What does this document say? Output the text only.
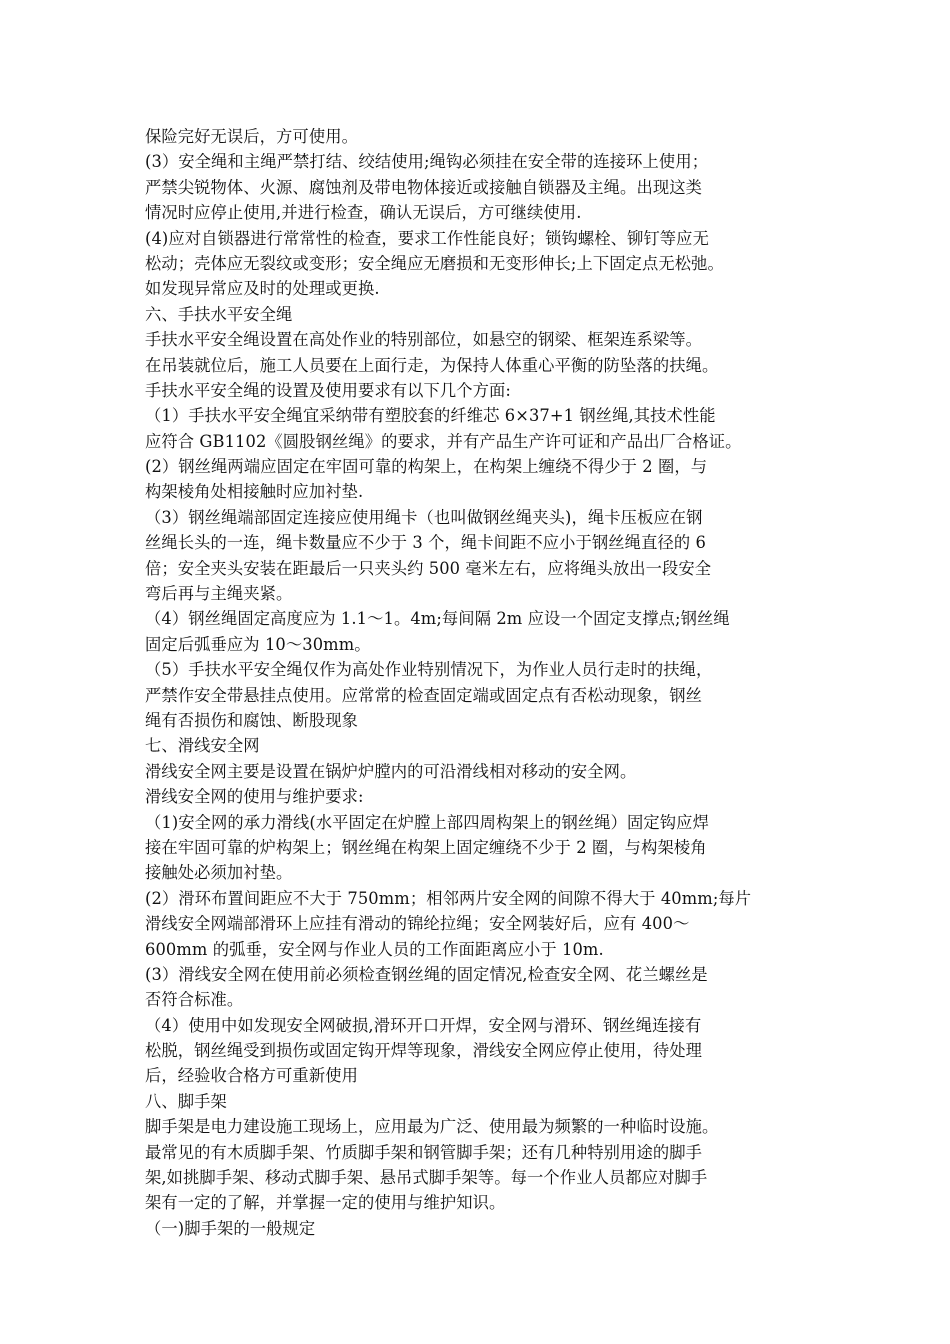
保险完好无误后，方可使用。
(3）安全绳和主绳严禁打结、绞结使用;绳钩必须挂在安全带的连接环上使用；
严禁尖锐物体、火源、腐蚀剂及带电物体接近或接触自锁器及主绳。出现这类
情况时应停止使用,并进行检查，确认无误后，方可继续使用.
(4)应对自锁器进行常常性的检查，要求工作性能良好；锁钩螺栓、铆钉等应无
松动；壳体应无裂纹或变形；安全绳应无磨损和无变形伸长;上下固定点无松弛。
如发现异常应及时的处理或更换.
六、手扶水平安全绳
手扶水平安全绳设置在高处作业的特别部位，如悬空的钢梁、框架连系梁等。
在吊装就位后，施工人员要在上面行走，为保持人体重心平衡的防坠落的扶绳。
手扶水平安全绳的设置及使用要求有以下几个方面:
（1）手扶水平安全绳宜采纳带有塑胶套的纤维芯 6×37+1 钢丝绳,其技术性能
应符合 GB1102《圆股钢丝绳》的要求，并有产品生产许可证和产品出厂合格证。
(2）钢丝绳两端应固定在牢固可靠的构架上，在构架上缠绕不得少于 2 圈，与
构架棱角处相接触时应加衬垫.
（3）钢丝绳端部固定连接应使用绳卡（也叫做钢丝绳夹头)，绳卡压板应在钢
丝绳长头的一连，绳卡数量应不少于 3 个，绳卡间距不应小于钢丝绳直径的 6
倍；安全夹头安装在距最后一只夹头约 500 毫米左右，应将绳头放出一段安全
弯后再与主绳夹紧。
（4）钢丝绳固定高度应为 1.1～1。4m;每间隔 2m 应设一个固定支撑点;钢丝绳
固定后弧垂应为 10～30mm。
（5）手扶水平安全绳仅作为高处作业特别情况下，为作业人员行走时的扶绳，
严禁作安全带悬挂点使用。应常常的检查固定端或固定点有否松动现象，钢丝
绳有否损伤和腐蚀、断股现象
七、滑线安全网
滑线安全网主要是设置在锅炉炉膛内的可沿滑线相对移动的安全网。
滑线安全网的使用与维护要求:
（1)安全网的承力滑线(水平固定在炉膛上部四周构架上的钢丝绳）固定钩应焊
接在牢固可靠的炉构架上；钢丝绳在构架上固定缠绕不少于 2 圈，与构架棱角
接触处必须加衬垫。
(2）滑环布置间距应不大于 750mm；相邻两片安全网的间隙不得大于 40mm;每片
滑线安全网端部滑环上应挂有滑动的锦纶拉绳；安全网装好后，应有 400～
600mm 的弧垂，安全网与作业人员的工作面距离应小于 10m.
(3）滑线安全网在使用前必须检查钢丝绳的固定情况,检查安全网、花兰螺丝是
否符合标准。
（4）使用中如发现安全网破损,滑环开口开焊，安全网与滑环、钢丝绳连接有
松脱，钢丝绳受到损伤或固定钩开焊等现象，滑线安全网应停止使用，待处理
后，经验收合格方可重新使用
八、脚手架
脚手架是电力建设施工现场上，应用最为广泛、使用最为频繁的一种临时设施。
最常见的有木质脚手架、竹质脚手架和钢管脚手架；还有几种特别用途的脚手
架,如挑脚手架、移动式脚手架、悬吊式脚手架等。每一个作业人员都应对脚手
架有一定的了解，并掌握一定的使用与维护知识。
（一)脚手架的一般规定
